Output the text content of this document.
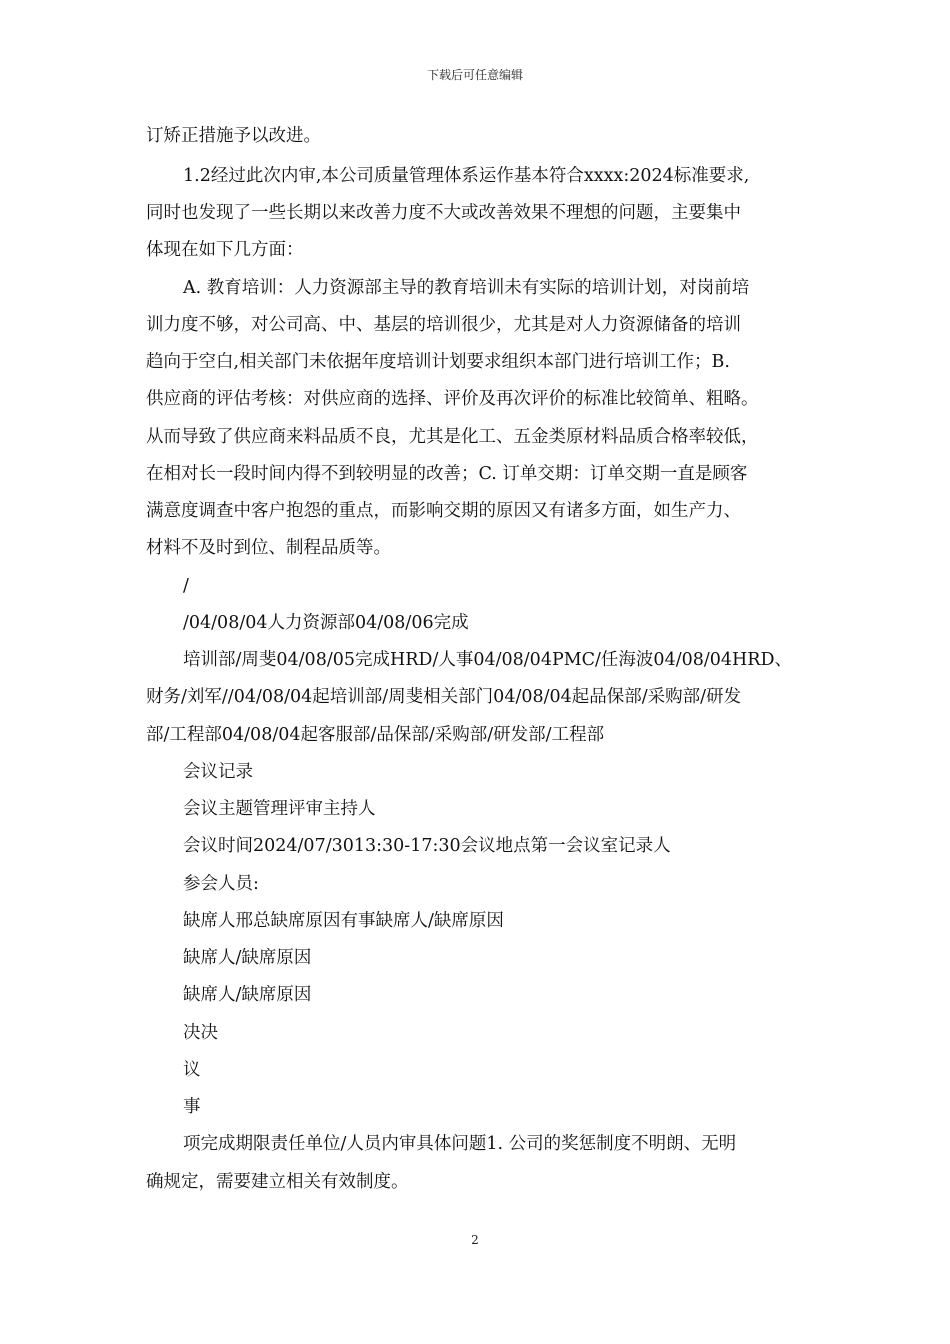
下载后可任意编辑
订矫正措施予以改进。
1.2经过此次内审,本公司质量管理体系运作基本符合xxxx:2024标准要求,
同时也发现了一些长期以来改善力度不大或改善效果不理想的问题，主要集中
体现在如下几方面：
A. 教育培训：人力资源部主导的教育培训未有实际的培训计划，对岗前培
训力度不够，对公司高、中、基层的培训很少，尤其是对人力资源储备的培训
趋向于空白,相关部门未依据年度培训计划要求组织本部门进行培训工作；B.
供应商的评估考核：对供应商的选择、评价及再次评价的标准比较简单、粗略。
从而导致了供应商来料品质不良，尤其是化工、五金类原材料品质合格率较低，
在相对长一段时间内得不到较明显的改善；C. 订单交期：订单交期一直是顾客
满意度调查中客户抱怨的重点，而影响交期的原因又有诸多方面，如生产力、
材料不及时到位、制程品质等。
/
/04/08/04人力资源部04/08/06完成
培训部/周斐04/08/05完成HRD/人事04/08/04PMC/任海波04/08/04HRD、
财务/刘军//04/08/04起培训部/周斐相关部门04/08/04起品保部/采购部/研发
部/工程部04/08/04起客服部/品保部/采购部/研发部/工程部
会议记录
会议主题管理评审主持人
会议时间2024/07/3013:30-17:30会议地点第一会议室记录人
参会人员:
缺席人邢总缺席原因有事缺席人/缺席原因
缺席人/缺席原因
缺席人/缺席原因
决决
议
事
项完成期限责任单位/人员内审具体问题1. 公司的奖惩制度不明朗、无明
确规定，需要建立相关有效制度。
2
